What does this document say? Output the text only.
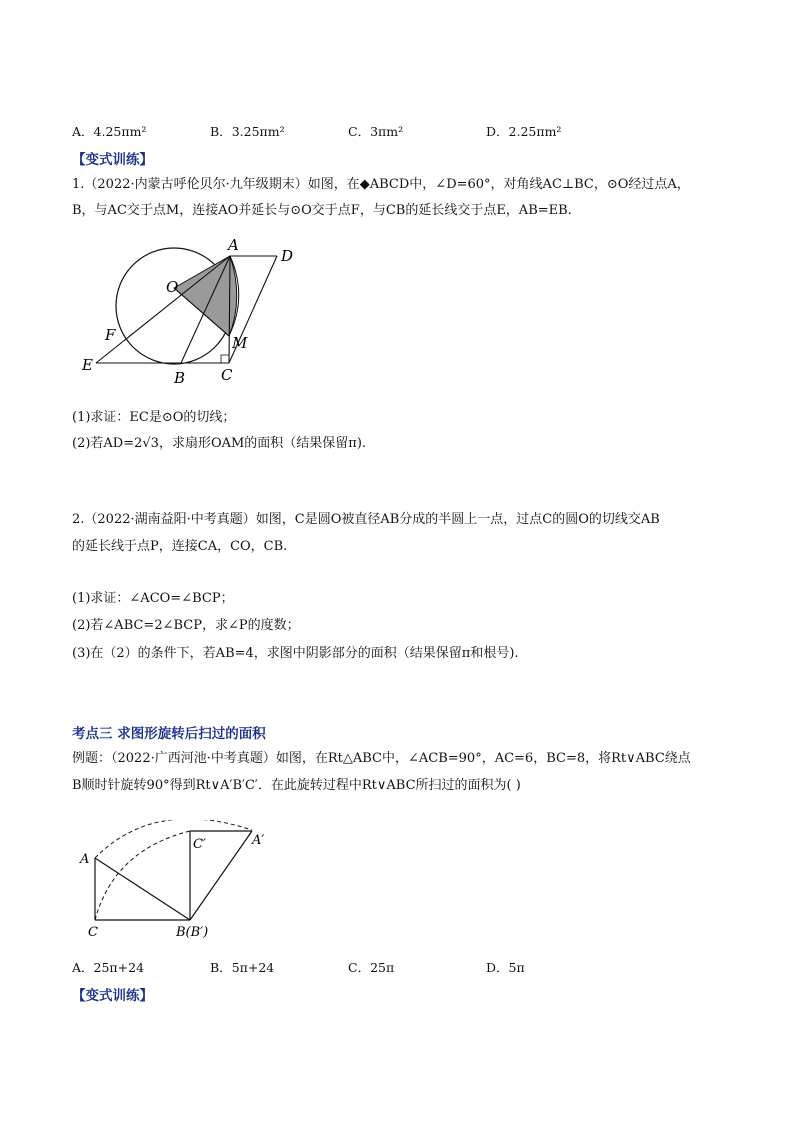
A．4.25πm²	B．3.25πm²	C．3πm²	D．2.25πm²
【变式训练】
1.（2022·内蒙古呼伦贝尔·九年级期末）如图，在◆ABCD中，∠D=60°，对角线AC⊥BC，⊙O经过点A，
B，与AC交于点M，连接AO并延长与⊙O交于点F，与CB的延长线交于点E，AB=EB.
A
D
O
F	M
E
B C
(1)求证：EC是⊙O的切线；
(2)若AD=2√3，求扇形OAM的面积（结果保留π).
2.（2022·湖南益阳·中考真题）如图，C是圆O被直径AB分成的半圆上一点，过点C的圆O的切线交AB
的延长线于点P，连接CA，CO，CB.
(1)求证：∠ACO=∠BCP；
(2)若∠ABC=2∠BCP，求∠P的度数；
(3)在（2）的条件下，若AB=4，求图中阴影部分的面积（结果保留π和根号).
考点三 求图形旋转后扫过的面积
例题：（2022·广西河池·中考真题）如图，在Rt△ABC中，∠ACB=90°，AC=6，BC=8，将Rt∨ABC绕点
B顺时针旋转90°得到Rt∨A′B′C′．在此旋转过程中Rt∨ABC所扫过的面积为( )
A
C	B(B′)
C′	A′
A．25π+24	B．5π+24	C．25π	D．5π
【变式训练】
